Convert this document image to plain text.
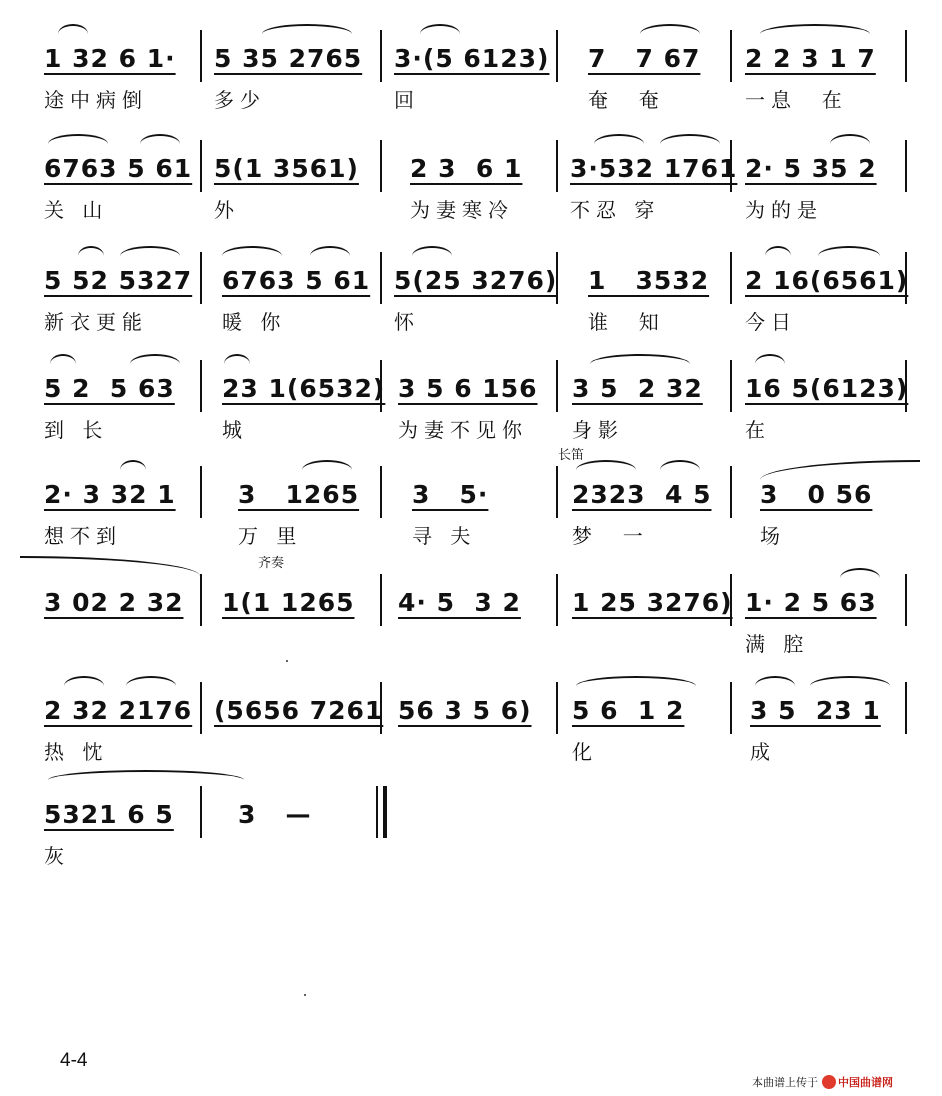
1 32 6 1·
途中病倒
5 35 2765
多少
3·(5 6123)
回
7   7 67
奄  奄
2 2 3 1 7
一息  在
6763 5 61
关 山
5(1 3561)
外
2 3  6 1
为妻寒冷
3·532 1761
不忍 穿
2· 5 35 2
为的是
5 52 5327
新衣更能
6763 5 61
暖 你
5(25 3276)
怀
1   3532
谁  知
2 16(6561)
今日
5 2  5 63
到 长
23 1(6532)
城
3 5 6 156
为妻不见你
3 5  2 32
身影
16 5(6123)
在
长笛
2· 3 32 1
想不到
3   1265
万 里
3   5·
寻 夫
2323  4 5
梦  一
3   0 56
场
齐奏
3 02 2 32	1(1 1265	4· 5  3 2	1 25 3276) 1· 2 5 63
满 腔
2 32 2176
热 忱
(5656 7261 56 3 5 6)	5 6  1 2
化
3 5  23 1
成
5321 6 5
灰
3   —
4-4
本曲谱上传于 中国曲谱网
